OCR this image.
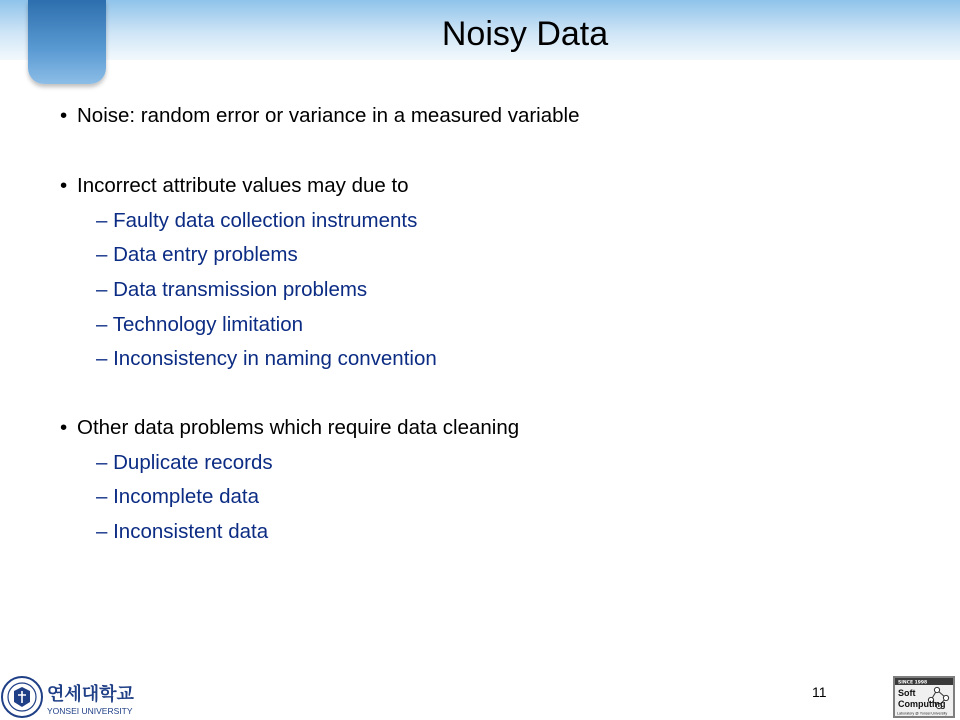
Noisy Data
• Noise: random error or variance in a measured variable
• Incorrect attribute values may due to
– Faulty data collection instruments
– Data entry problems
– Data transmission problems
– Technology limitation
– Inconsistency in naming convention
• Other data problems which require data cleaning
– Duplicate records
– Incomplete data
– Inconsistent data
연세대학교
YONSEI UNIVERSITY
11
SINCE 1998
Soft
Computing
Laboratory @ Yonsei University
